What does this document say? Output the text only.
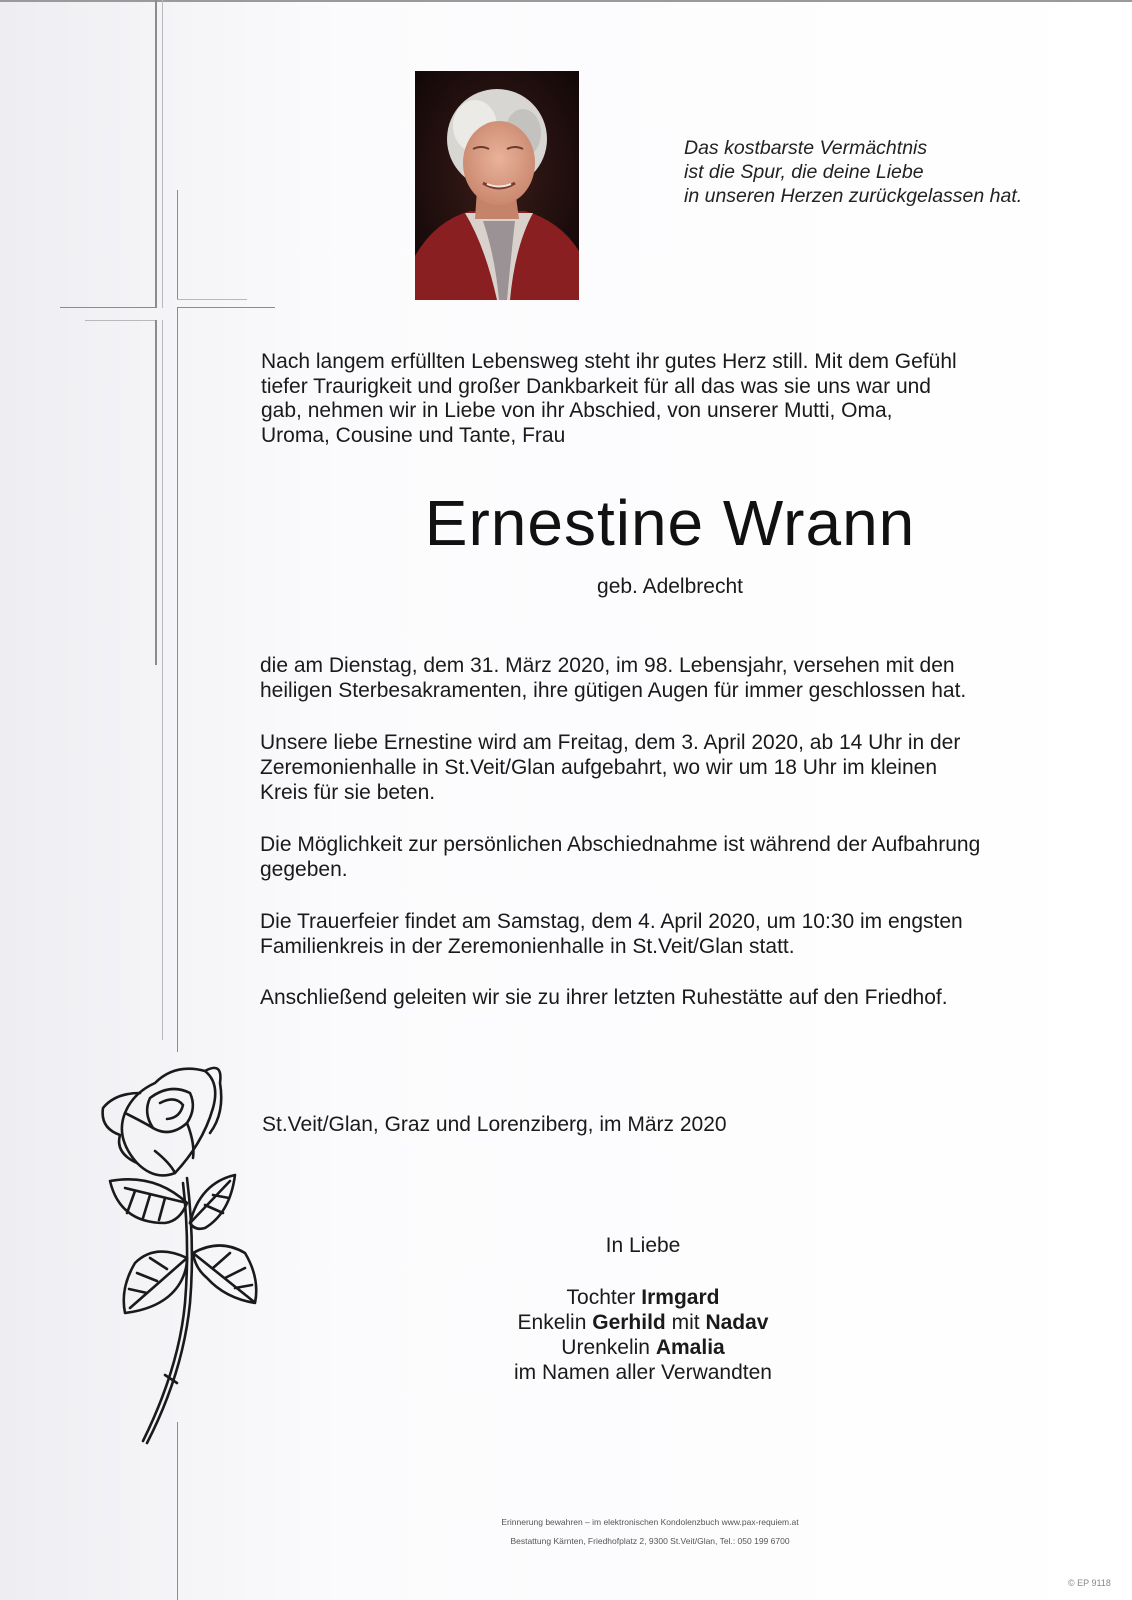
Das kostbarste Vermächtnis
ist die Spur, die deine Liebe
in unseren Herzen zurückgelassen hat.
Nach langem erfüllten Lebensweg steht ihr gutes Herz still. Mit dem Gefühl
tiefer Traurigkeit und großer Dankbarkeit für all das was sie uns war und
gab, nehmen wir in Liebe von ihr Abschied, von unserer Mutti, Oma,
Uroma, Cousine und Tante, Frau
Ernestine Wrann
geb. Adelbrecht
die am Dienstag, dem 31. März 2020, im 98. Lebensjahr, versehen mit den
heiligen Sterbesakramenten, ihre gütigen Augen für immer geschlossen hat.
Unsere liebe Ernestine wird am Freitag, dem 3. April 2020, ab 14 Uhr in der
Zeremonienhalle in St.Veit/Glan aufgebahrt, wo wir um 18 Uhr im kleinen
Kreis für sie beten.
Die Möglichkeit zur persönlichen Abschiednahme ist während der Aufbahrung
gegeben.
Die Trauerfeier findet am Samstag, dem 4. April 2020, um 10:30 im engsten
Familienkreis in der Zeremonienhalle in St.Veit/Glan statt.
Anschließend geleiten wir sie zu ihrer letzten Ruhestätte auf den Friedhof.
St.Veit/Glan, Graz und Lorenziberg, im März 2020
In Liebe
Tochter Irmgard
Enkelin Gerhild mit Nadav
Urenkelin Amalia
im Namen aller Verwandten
Erinnerung bewahren – im elektronischen Kondolenzbuch www.pax-requiem.at
Bestattung Kärnten, Friedhofplatz 2, 9300 St.Veit/Glan, Tel.: 050 199 6700
© EP 9118
